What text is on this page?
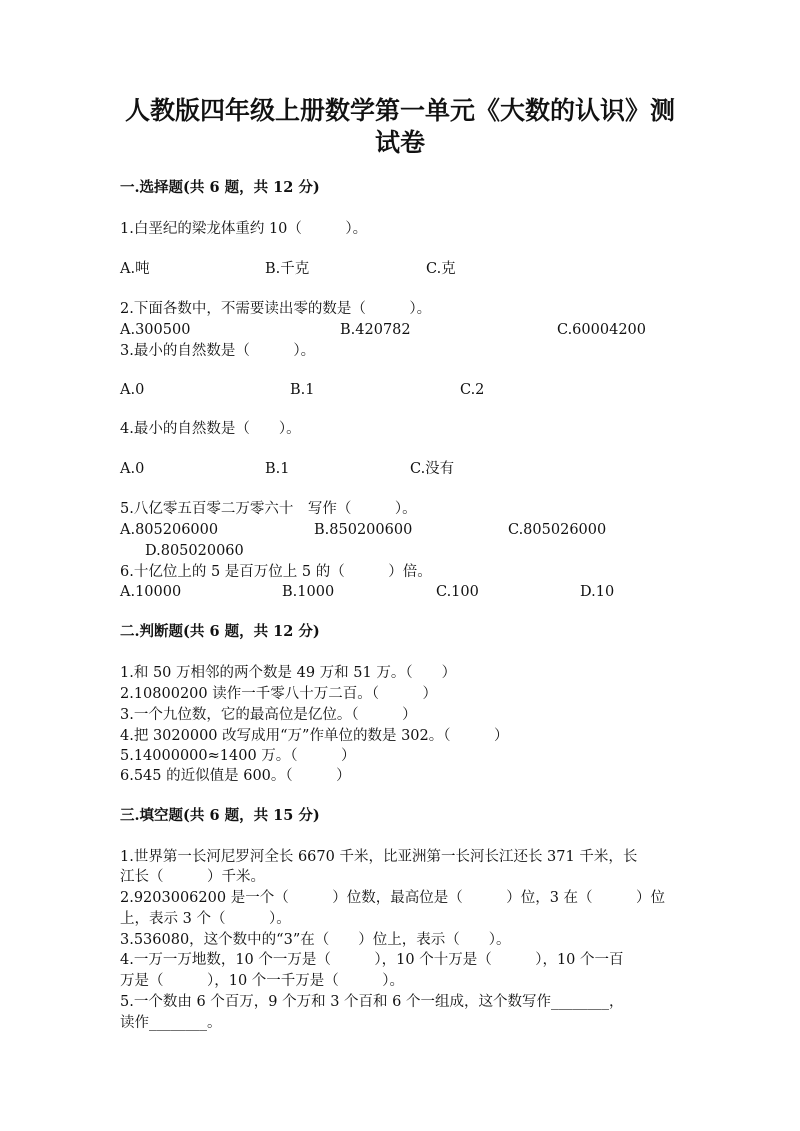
人教版四年级上册数学第一单元《大数的认识》测
试卷
一.选择题(共 6 题，共 12 分)
1.白垩纪的梁龙体重约 10（　　　）。
A.吨	B.千克	C.克
2.下面各数中，不需要读出零的数是（　　　）。
A.300500	B.420782	C.60004200
3.最小的自然数是（　　　）。
A.0	B.1	C.2
4.最小的自然数是（　　）。
A.0	B.1	C.没有
5.八亿零五百零二万零六十　写作（　　　）。
A.805206000	B.850200600	C.805026000
D.805020060
6.十亿位上的 5 是百万位上 5 的（　　　）倍。
A.10000	B.1000	C.100	D.10
二.判断题(共 6 题，共 12 分)
1.和 50 万相邻的两个数是 49 万和 51 万。（　　）
2.10800200 读作一千零八十万二百。（　　　）
3.一个九位数，它的最高位是亿位。（　　　）
4.把 3020000 改写成用“万”作单位的数是 302。（　　　）
5.14000000≈1400 万。（　　　）
6.545 的近似值是 600。（　　　）
三.填空题(共 6 题，共 15 分)
1.世界第一长河尼罗河全长 6670 千米，比亚洲第一长河长江还长 371 千米，长
江长（　　　）千米。
2.9203006200 是一个（　　　）位数，最高位是（　　　）位，3 在（　　　）位
上，表示 3 个（　　　）。
3.536080，这个数中的“3”在（　　）位上，表示（　　）。
4.一万一万地数，10 个一万是（　　　），10 个十万是（　　　），10 个一百
万是（　　　），10 个一千万是（　　　）。
5.一个数由 6 个百万，9 个万和 3 个百和 6 个一组成，这个数写作________，
读作________。
